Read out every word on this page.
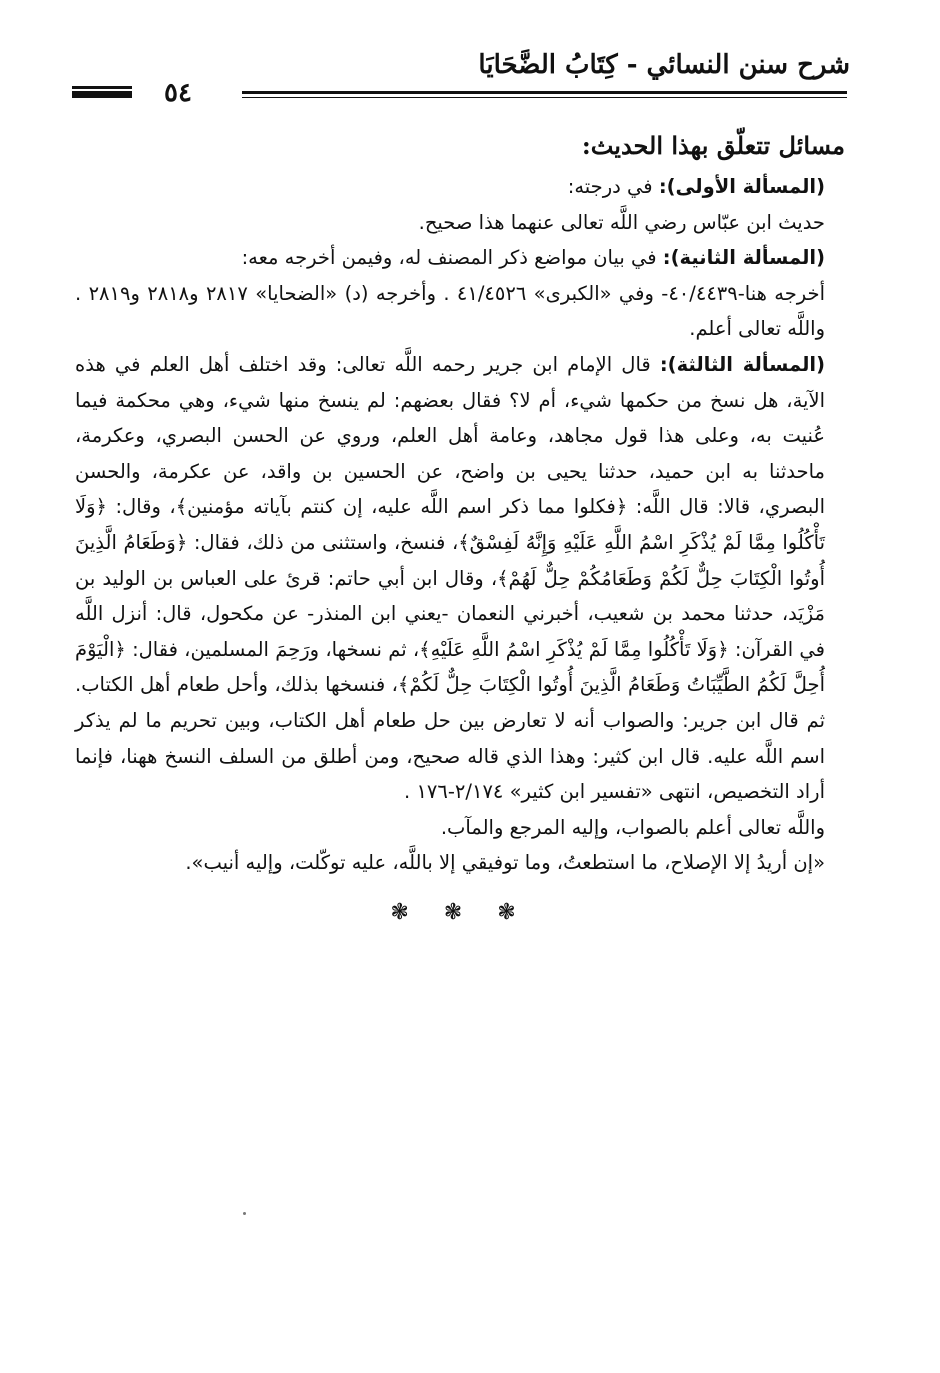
شرح سنن النسائي - كِتَابُ الضَّحَايَا
٥٤

مسائل تتعلّق بهذا الحديث:

(المسألة الأولى): في درجته:

حديث ابن عبّاس رضي اللَّه تعالى عنهما هذا صحيح.

(المسألة الثانية): في بيان مواضع ذكر المصنف له، وفيمن أخرجه معه:

أخرجه هنا-٤٠/٤٤٣٩- وفي «الكبرى» ٤١/٤٥٢٦ . وأخرجه (د) «الضحايا» ٢٨١٧ و٢٨١٨ و٢٨١٩ . واللَّه تعالى أعلم.

(المسألة الثالثة): قال الإمام ابن جرير رحمه اللَّه تعالى: وقد اختلف أهل العلم في هذه الآية، هل نسخ من حكمها شيء، أم لا؟ فقال بعضهم: لم ينسخ منها شيء، وهي محكمة فيما عُنيت به، وعلى هذا قول مجاهد، وعامة أهل العلم، وروي عن الحسن البصري، وعكرمة، ماحدثنا به ابن حميد، حدثنا يحيى بن واضح، عن الحسين بن واقد، عن عكرمة، والحسن البصري، قالا: قال اللَّه: ﴿فكلوا مما ذكر اسم اللَّه عليه، إن كنتم بآياته مؤمنين﴾، وقال: ﴿وَلَا تَأْكُلُوا مِمَّا لَمْ يُذْكَرِ اسْمُ اللَّهِ عَلَيْهِ وَإِنَّهُ لَفِسْقٌ﴾، فنسخ، واستثنى من ذلك، فقال: ﴿وَطَعَامُ الَّذِينَ أُوتُوا الْكِتَابَ حِلٌّ لَكُمْ وَطَعَامُكُمْ حِلٌّ لَهُمْ﴾، وقال ابن أبي حاتم: قرئ على العباس بن الوليد بن مَزْيَد، حدثنا محمد بن شعيب، أخبرني النعمان -يعني ابن المنذر- عن مكحول، قال: أنزل اللَّه في القرآن: ﴿وَلَا تَأْكُلُوا مِمَّا لَمْ يُذْكَرِ اسْمُ اللَّهِ عَلَيْهِ﴾، ثم نسخها، ورَحِمَ المسلمين، فقال: ﴿الْيَوْمَ أُحِلَّ لَكُمُ الطَّيِّبَاتُ وَطَعَامُ الَّذِينَ أُوتُوا الْكِتَابَ حِلٌّ لَكُمْ﴾، فنسخها بذلك، وأحل طعام أهل الكتاب. ثم قال ابن جرير: والصواب أنه لا تعارض بين حل طعام أهل الكتاب، وبين تحريم ما لم يذكر اسم اللَّه عليه. قال ابن كثير: وهذا الذي قاله صحيح، ومن أطلق من السلف النسخ ههنا، فإنما أراد التخصيص، انتهى «تفسير ابن كثير» ٢/١٧٤-١٧٦ .

واللَّه تعالى أعلم بالصواب، وإليه المرجع والمآب.

«إن أريدُ إلا الإصلاح، ما استطعتُ، وما توفيقي إلا باللَّه، عليه توكّلت، وإليه أنيب».

❃ ❃ ❃
